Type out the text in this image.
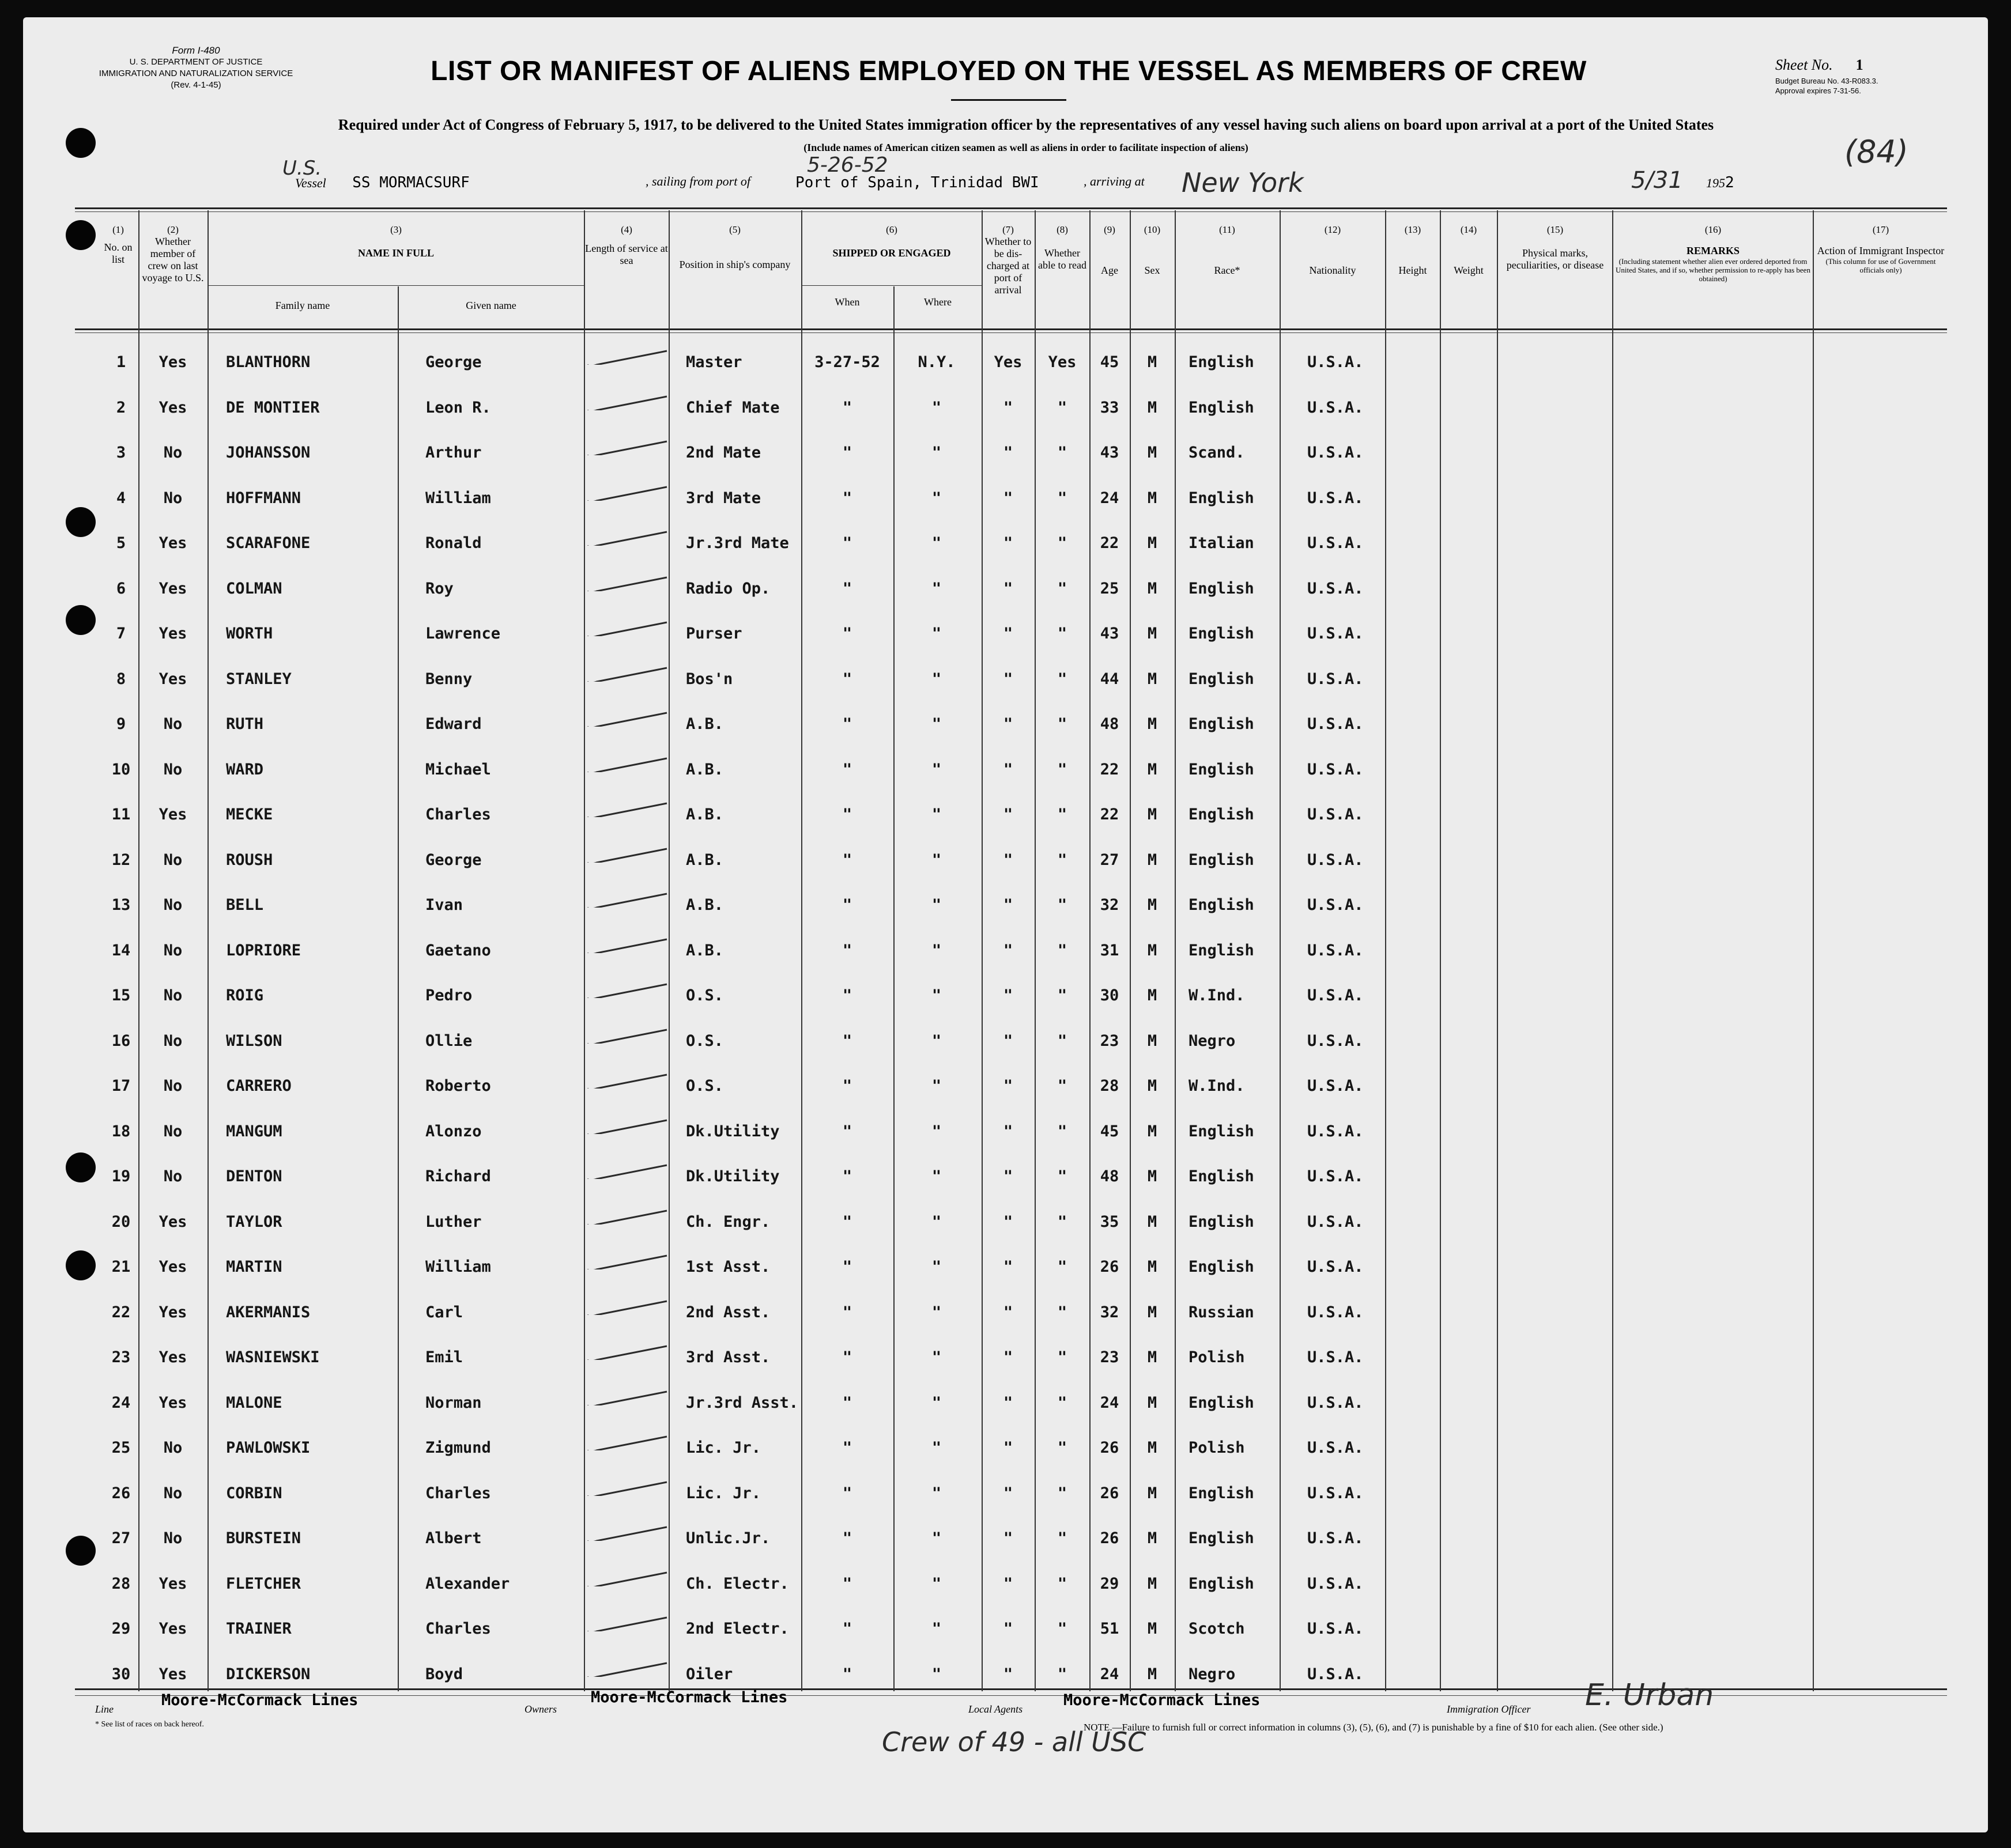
Form I-480
U. S. DEPARTMENT OF JUSTICE
IMMIGRATION AND NATURALIZATION SERVICE
(Rev. 4-1-45)	LIST OR MANIFEST OF ALIENS EMPLOYED ON THE VESSEL AS MEMBERS OF CREW	Sheet No. 1
Budget Bureau No. 43-R083.3.
Approval expires 7-31-56.
Required under Act of Congress of February 5, 1917, to be delivered to the United States immigration officer by the representatives of any vessel having such aliens on board upon arrival at a port of the United States
(Include names of American citizen seamen as well as aliens in order to facilitate inspection of aliens)	(84)
U.S.	5-26-52
Vessel SS MORMACSURF	, sailing from port of	Port of Spain, Trinidad BWI	, arriving at New York	5/31 1952
(1)
No. on list
(2)
Whether member of crew on last voyage to U.S.
(3)
NAME IN FULL
Family name	Given name
(4)
Length of service at sea
(5)
Position in ship's company
(6)
SHIPPED OR ENGAGED
When	Where
(7)
Whether to be dis-charged at port of arrival
(8)
Whether able to read
(9)
Age
(10)
Sex
(11)
Race*
(12)
Nationality
(13)
Height
(14)
Weight
(15)
Physical marks, peculiarities, or disease
(16)
REMARKS
(Including statement whether alien ever ordered deported from United States, and if so, whether permission to re-apply has been obtained)
(17)
Action of Immigrant Inspector
(This column for use of Government officials only)
1	Yes	BLANTHORN	George	Master	3-27-52	N.Y.	Yes	Yes	45	M	English	U.S.A.
2	Yes	DE MONTIER	Leon R.	Chief Mate	"	"	"	"	33	M	English	U.S.A.
3	No	JOHANSSON	Arthur	2nd Mate	"	"	"	"	43	M	Scand.	U.S.A.
4	No	HOFFMANN	William	3rd Mate	"	"	"	"	24	M	English	U.S.A.
5	Yes	SCARAFONE	Ronald	Jr.3rd Mate	"	"	"	"	22	M	Italian	U.S.A.
6	Yes	COLMAN	Roy	Radio Op.	"	"	"	"	25	M	English	U.S.A.
7	Yes	WORTH	Lawrence	Purser	"	"	"	"	43	M	English	U.S.A.
8	Yes	STANLEY	Benny	Bos'n	"	"	"	"	44	M	English	U.S.A.
9	No	RUTH	Edward	A.B.	"	"	"	"	48	M	English	U.S.A.
10	No	WARD	Michael	A.B.	"	"	"	"	22	M	English	U.S.A.
11 Yes	MECKE	Charles	A.B.	"	"	"	"	22	M	English	U.S.A.
12	No	ROUSH	George	A.B.	"	"	"	"	27	M	English	U.S.A.
13	No	BELL	Ivan	A.B.	"	"	"	"	32	M	English	U.S.A.
14	No	LOPRIORE	Gaetano	A.B.	"	"	"	"	31	M	English	U.S.A.
15	No	ROIG	Pedro	O.S.	"	"	"	"	30	M	W.Ind.	U.S.A.
16	No	WILSON	Ollie	O.S.	"	"	"	"	23	M	Negro	U.S.A.
17	No	CARRERO	Roberto	O.S.	"	"	"	"	28	M	W.Ind.	U.S.A.
18	No	MANGUM	Alonzo	Dk.Utility	"	"	"	"	45	M	English	U.S.A.
19	No	DENTON	Richard	Dk.Utility	"	"	"	"	48	M	English	U.S.A.
20 Yes	TAYLOR	Luther	Ch. Engr.	"	"	"	"	35	M	English	U.S.A.
21 Yes	MARTIN	William	1st Asst.	"	"	"	"	26	M	English	U.S.A.
22 Yes	AKERMANIS	Carl	2nd Asst.	"	"	"	"	32	M	Russian	U.S.A.
23 Yes	WASNIEWSKI	Emil	3rd Asst.	"	"	"	"	23	M	Polish	U.S.A.
24 Yes	MALONE	Norman	Jr.3rd Asst.	"	"	"	"	24	M	English	U.S.A.
25	No	PAWLOWSKI	Zigmund	Lic. Jr.	"	"	"	"	26	M	Polish	U.S.A.
26	No	CORBIN	Charles	Lic. Jr.	"	"	"	"	26	M	English	U.S.A.
27	No	BURSTEIN	Albert	Unlic.Jr.	"	"	"	"	26	M	English	U.S.A.
28 Yes	FLETCHER	Alexander	Ch. Electr.	"	"	"	"	29	M	English	U.S.A.
29 Yes	TRAINER	Charles	2nd Electr.	"	"	"	"	51	M	Scotch	U.S.A.
30 Yes	DICKERSON	Boyd	Oiler	"	"	"	"	24	M	Negro	U.S.A.
Line	Moore-McCormack Lines	Owners
Moore-McCormack Lines
Local Agents	Moore-McCormack Lines	Immigration Officer E. Urban
* See list of races on back hereof.	NOTE.—Failure to furnish full or correct information in columns (3), (5), (6), and (7) is punishable by a fine of $10 for each alien. (See other side.)
Crew of 49 - all USC
